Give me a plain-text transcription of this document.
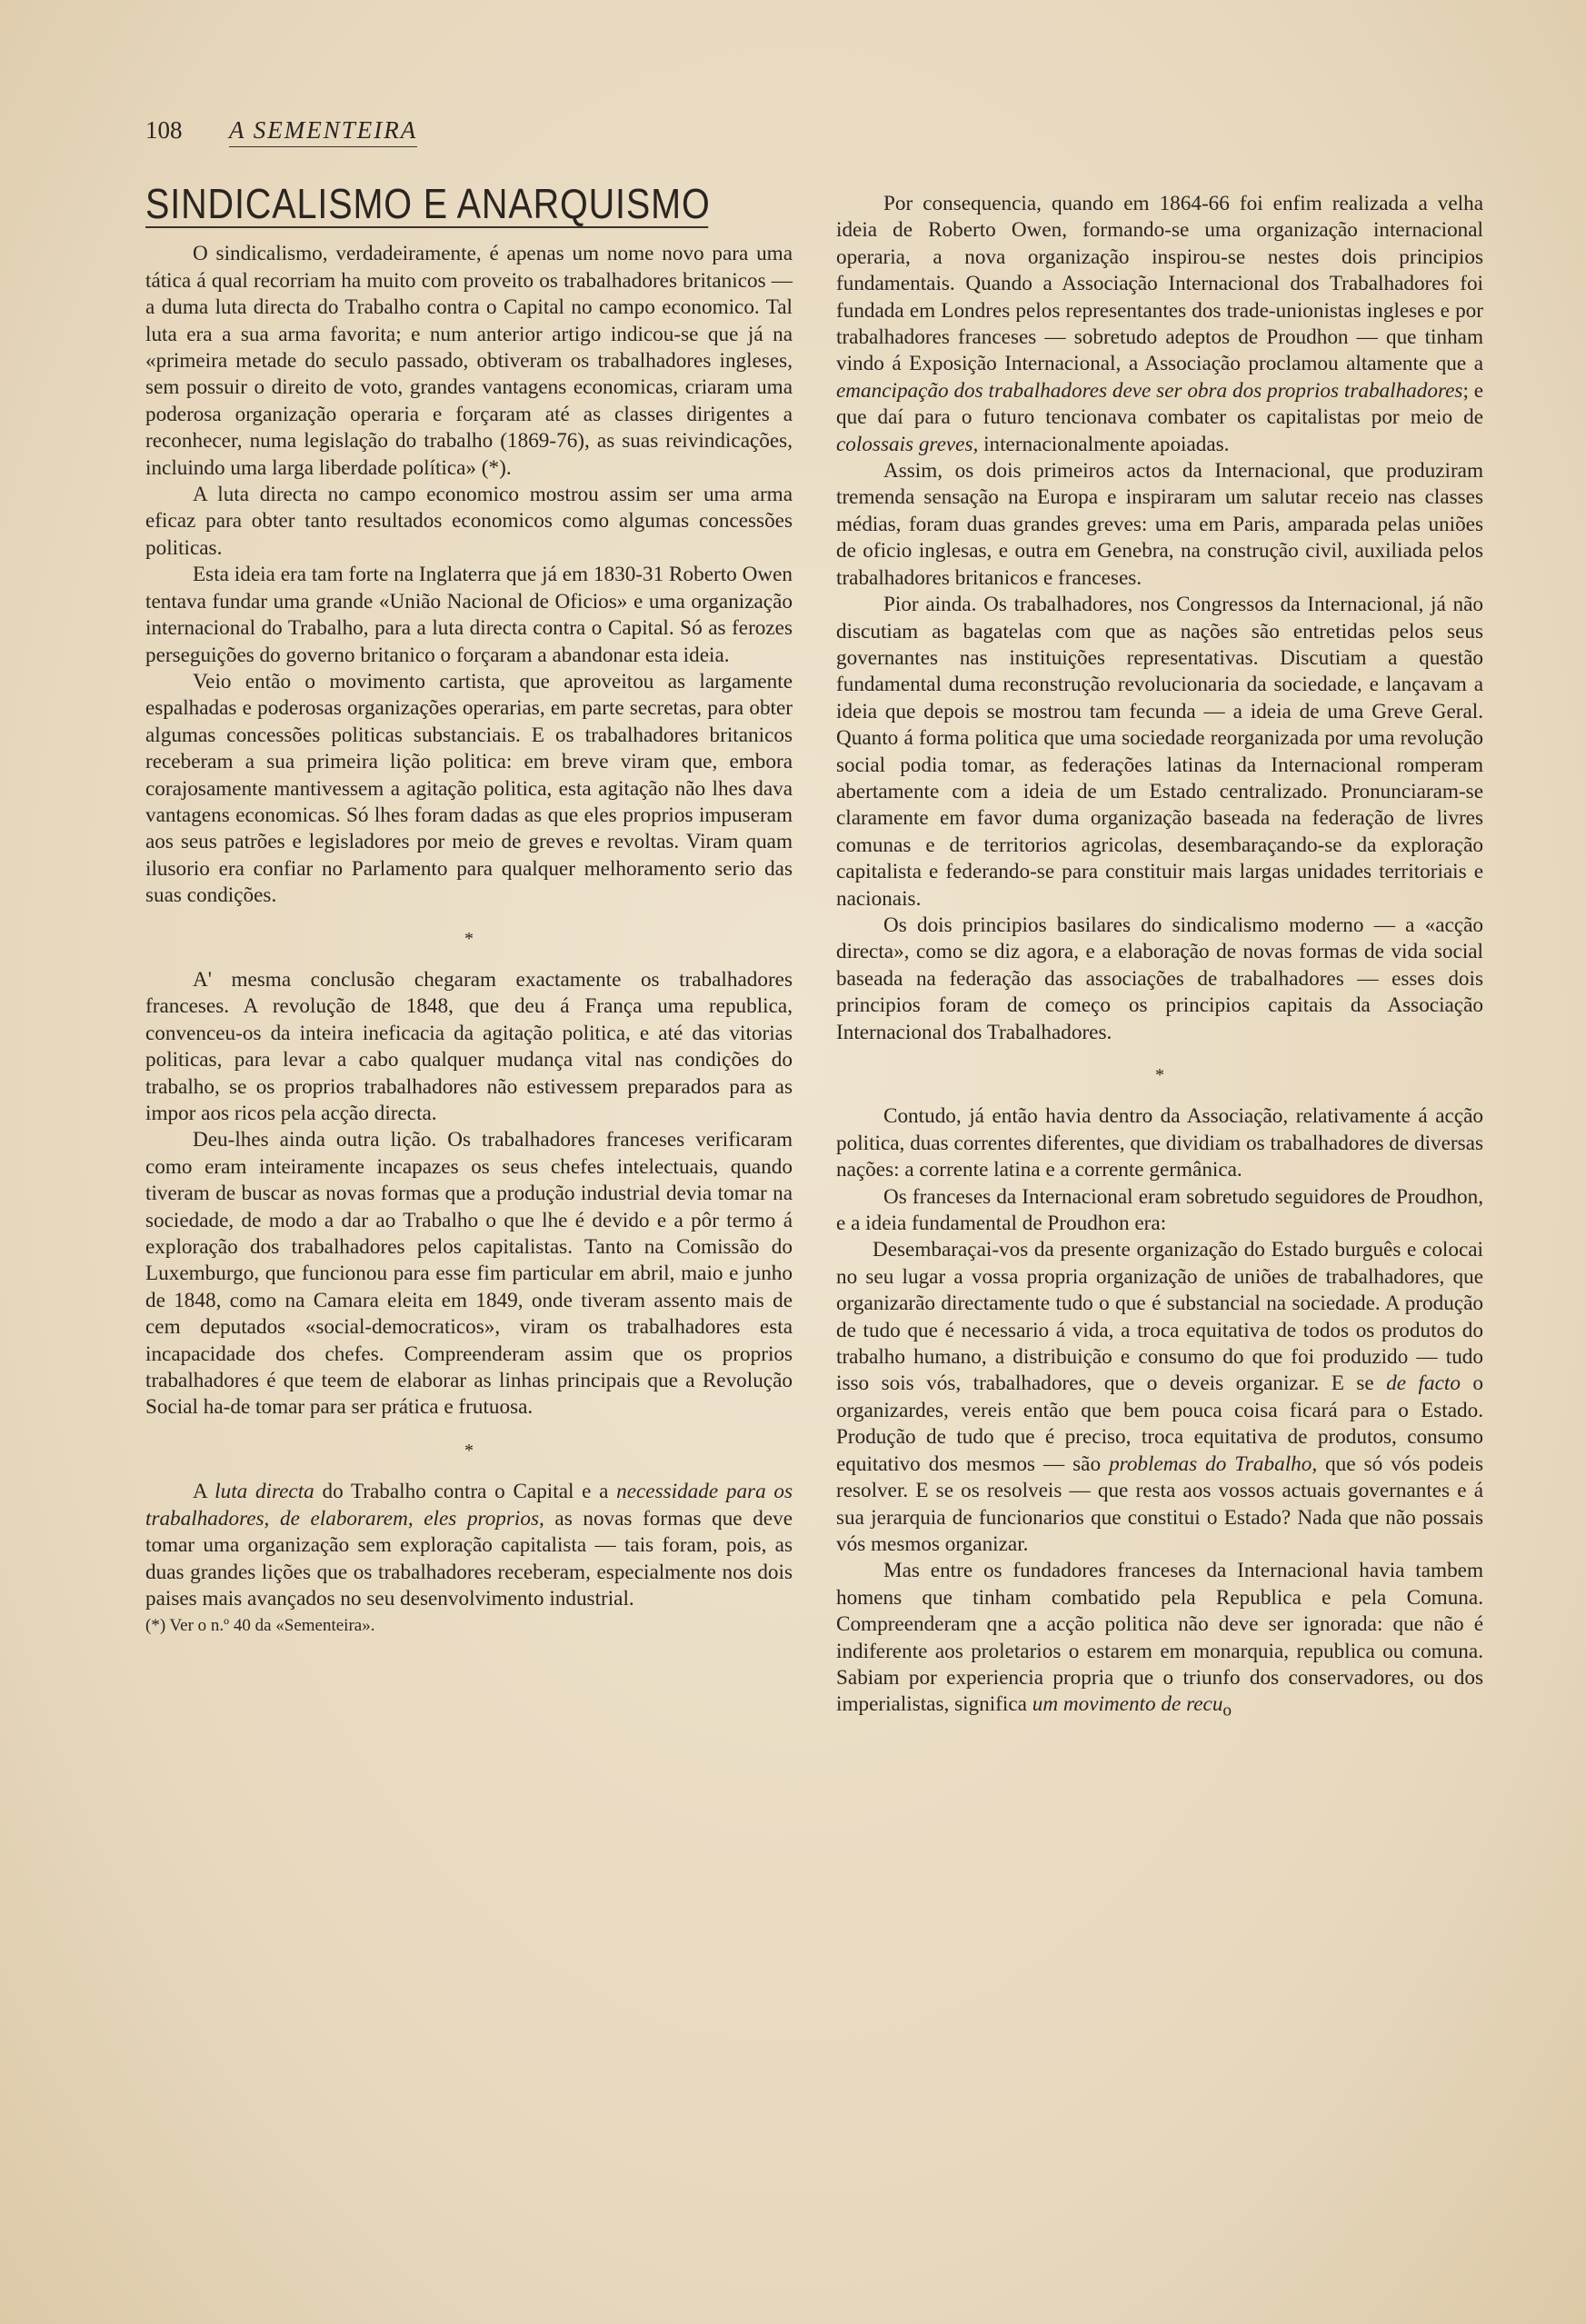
108 A SEMENTEIRA
SINDICALISMO E ANARQUISMO

O sindicalismo, verdadeiramente, é apenas um nome novo para uma tática á qual recorriam ha muito com proveito os trabalhadores britanicos — a duma luta directa do Trabalho contra o Capital no campo economico. Tal luta era a sua arma favorita; e num anterior artigo indicou-se que já na «primeira metade do seculo passado, obtiveram os trabalhadores ingleses, sem possuir o direito de voto, grandes vantagens economicas, criaram uma poderosa organização operaria e forçaram até as classes dirigentes a reconhecer, numa legislação do trabalho (1869-76), as suas reivindicações, incluindo uma larga liberdade política» (*).

A luta directa no campo economico mostrou assim ser uma arma eficaz para obter tanto resultados economicos como algumas concessões politicas.

Esta ideia era tam forte na Inglaterra que já em 1830-31 Roberto Owen tentava fundar uma grande «União Nacional de Oficios» e uma organização internacional do Trabalho, para a luta directa contra o Capital. Só as ferozes perseguições do governo britanico o forçaram a abandonar esta ideia.

Veio então o movimento cartista, que aproveitou as largamente espalhadas e poderosas organizações operarias, em parte secretas, para obter algumas concessões politicas substanciais. E os trabalhadores britanicos receberam a sua primeira lição politica: em breve viram que, embora corajosamente mantivessem a agitação politica, esta agitação não lhes dava vantagens economicas. Só lhes foram dadas as que eles proprios impuseram aos seus patrões e legisladores por meio de greves e revoltas. Viram quam ilusorio era confiar no Parlamento para qualquer melhoramento serio das suas condições.

*

A' mesma conclusão chegaram exactamente os trabalhadores franceses. A revolução de 1848, que deu á França uma republica, convenceu-os da inteira ineficacia da agitação politica, e até das vitorias politicas, para levar a cabo qualquer mudança vital nas condições do trabalho, se os proprios trabalhadores não estivessem preparados para as impor aos ricos pela acção directa.

Deu-lhes ainda outra lição. Os trabalhadores franceses verificaram como eram inteiramente incapazes os seus chefes intelectuais, quando tiveram de buscar as novas formas que a produção industrial devia tomar na sociedade, de modo a dar ao Trabalho o que lhe é devido e a pôr termo á exploração dos trabalhadores pelos capitalistas. Tanto na Comissão do Luxemburgo, que funcionou para esse fim particular em abril, maio e junho de 1848, como na Camara eleita em 1849, onde tiveram assento mais de cem deputados «social-democraticos», viram os trabalhadores esta incapacidade dos chefes. Compreenderam assim que os proprios trabalhadores é que teem de elaborar as linhas principais que a Revolução Social ha-de tomar para ser prática e frutuosa.

*

A luta directa do Trabalho contra o Capital e a necessidade para os trabalhadores, de elaborarem, eles proprios, as novas formas que deve tomar uma organização sem exploração capitalista — tais foram, pois, as duas grandes lições que os trabalhadores receberam, especialmente nos dois paises mais avançados no seu desenvolvimento industrial.

(*) Ver o n.º 40 da «Sementeira».

Por consequencia, quando em 1864-66 foi enfim realizada a velha ideia de Roberto Owen, formando-se uma organização internacional operaria, a nova organização inspirou-se nestes dois principios fundamentais. Quando a Associação Internacional dos Trabalhadores foi fundada em Londres pelos representantes dos trade-unionistas ingleses e por trabalhadores franceses — sobretudo adeptos de Proudhon — que tinham vindo á Exposição Internacional, a Associação proclamou altamente que a emancipação dos trabalhadores deve ser obra dos proprios trabalhadores; e que daí para o futuro tencionava combater os capitalistas por meio de colossais greves, internacionalmente apoiadas.

Assim, os dois primeiros actos da Internacional, que produziram tremenda sensação na Europa e inspiraram um salutar receio nas classes médias, foram duas grandes greves: uma em Paris, amparada pelas uniões de oficio inglesas, e outra em Genebra, na construção civil, auxiliada pelos trabalhadores britanicos e franceses.

Pior ainda. Os trabalhadores, nos Congressos da Internacional, já não discutiam as bagatelas com que as nações são entretidas pelos seus governantes nas instituições representativas. Discutiam a questão fundamental duma reconstrução revolucionaria da sociedade, e lançavam a ideia que depois se mostrou tam fecunda — a ideia de uma Greve Geral. Quanto á forma politica que uma sociedade reorganizada por uma revolução social podia tomar, as federações latinas da Internacional romperam abertamente com a ideia de um Estado centralizado. Pronunciaram-se claramente em favor duma organização baseada na federação de livres comunas e de territorios agricolas, desembaraçando-se da exploração capitalista e federando-se para constituir mais largas unidades territoriais e nacionais.

Os dois principios basilares do sindicalismo moderno — a «acção directa», como se diz agora, e a elaboração de novas formas de vida social baseada na federação das associações de trabalhadores — esses dois principios foram de começo os principios capitais da Associação Internacional dos Trabalhadores.

*

Contudo, já então havia dentro da Associação, relativamente á acção politica, duas correntes diferentes, que dividiam os trabalhadores de diversas nações: a corrente latina e a corrente germânica.

Os franceses da Internacional eram sobretudo seguidores de Proudhon, e a ideia fundamental de Proudhon era:

Desembaraçai-vos da presente organização do Estado burguês e colocai no seu lugar a vossa propria organização de uniões de trabalhadores, que organizarão directamente tudo o que é substancial na sociedade. A produção de tudo que é necessario á vida, a troca equitativa de todos os produtos do trabalho humano, a distribuição e consumo do que foi produzido — tudo isso sois vós, trabalhadores, que o deveis organizar. E se de facto o organizardes, vereis então que bem pouca coisa ficará para o Estado. Produção de tudo que é preciso, troca equitativa de produtos, consumo equitativo dos mesmos — são problemas do Trabalho, que só vós podeis resolver. E se os resolveis — que resta aos vossos actuais governantes e á sua jerarquia de funcionarios que constitui o Estado? Nada que não possais vós mesmos organizar.

Mas entre os fundadores franceses da Internacional havia tambem homens que tinham combatido pela Republica e pela Comuna. Compreenderam qne a acção politica não deve ser ignorada: que não é indiferente aos proletarios o estarem em monarquia, republica ou comuna. Sabiam por experiencia propria que o triunfo dos conservadores, ou dos imperialistas, significa um movimento de recu$_o$
